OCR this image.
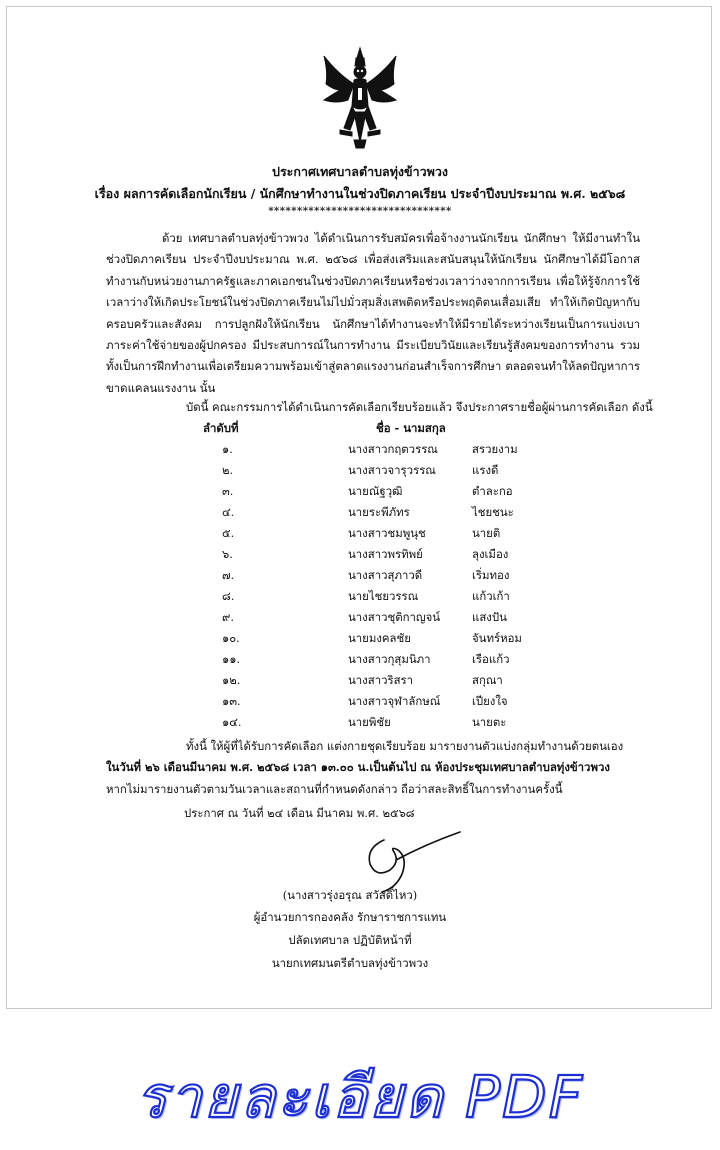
ประกาศเทศบาลตำบลทุ่งข้าวพวง
เรื่อง ผลการคัดเลือกนักเรียน / นักศึกษาทำงานในช่วงปิดภาคเรียน ประจำปีงบประมาณ พ.ศ. ๒๕๖๘
********************************
ด้วย เทศบาลตำบลทุ่งข้าวพวง ได้ดำเนินการรับสมัครเพื่อจ้างงานนักเรียน นักศึกษา ให้มีงานทำในช่วงปิดภาคเรียน ประจำปีงบประมาณ พ.ศ. ๒๕๖๘ เพื่อส่งเสริมและสนับสนุนให้นักเรียน นักศึกษาได้มีโอกาสทำงานกับหน่วยงานภาครัฐและภาคเอกชนในช่วงปิดภาคเรียนหรือช่วงเวลาว่างจากการเรียน เพื่อให้รู้จักการใช้เวลาว่างให้เกิดประโยชน์ในช่วงปิดภาคเรียนไม่ไปมั่วสุมสิ่งเสพติดหรือประพฤติตนเสื่อมเสีย ทำให้เกิดปัญหากับครอบครัวและสังคม การปลูกฝังให้นักเรียน นักศึกษาได้ทำงานจะทำให้มีรายได้ระหว่างเรียนเป็นการแบ่งเบาภาระค่าใช้จ่ายของผู้ปกครอง มีประสบการณ์ในการทำงาน มีระเบียบวินัยและเรียนรู้สังคมของการทำงาน รวมทั้งเป็นการฝึกทำงานเพื่อเตรียมความพร้อมเข้าสู่ตลาดแรงงานก่อนสำเร็จการศึกษา ตลอดจนทำให้ลดปัญหาการขาดแคลนแรงงาน นั้น
บัดนี้ คณะกรรมการได้ดำเนินการคัดเลือกเรียบร้อยแล้ว จึงประกาศรายชื่อผู้ผ่านการคัดเลือก ดังนี้
ลำดับที่	ชื่อ - นามสกุล
๑.	นางสาวกฤตวรรณ	สรวยงาม
๒.	นางสาวจารุวรรณ	แรงดี
๓.	นายณัฐวุฒิ	ตำละกอ
๔.	นายระพีภัทร	ไชยชนะ
๕.	นางสาวชมพูนุช	นายติ
๖.	นางสาวพรทิพย์	ลุงเมือง
๗.	นางสาวสุภาวดี	เริ่มทอง
๘.	นายไชยวรรณ	แก้วเก้า
๙.	นางสาวชุติกาญจน์	แสงปัน
๑๐.	นายมงคลชัย	จันทร์หอม
๑๑.	นางสาวกุสุมนิภา	เรือแก้ว
๑๒.	นางสาวริสรา	สกุณา
๑๓.	นางสาวจุฬาลักษณ์	เปียงใจ
๑๔.	นายพิชัย	นายตะ
ทั้งนี้ ให้ผู้ที่ได้รับการคัดเลือก แต่งกายชุดเรียบร้อย มารายงานตัวแบ่งกลุ่มทำงานด้วยตนเอง
ในวันที่ ๒๖ เดือนมีนาคม พ.ศ. ๒๕๖๘ เวลา ๑๓.๐๐ น.เป็นต้นไป ณ ห้องประชุมเทศบาลตำบลทุ่งข้าวพวง
หากไม่มารายงานตัวตามวันเวลาและสถานที่กำหนดดังกล่าว ถือว่าสละสิทธิ์ในการทำงานครั้งนี้
ประกาศ ณ วันที่ ๒๔ เดือน มีนาคม พ.ศ. ๒๕๖๘
(นางสาวรุ่งอรุณ สวัสดิ์ไหว)
ผู้อำนวยการกองคลัง รักษาราชการแทน
ปลัดเทศบาล ปฏิบัติหน้าที่
นายกเทศมนตรีตำบลทุ่งข้าวพวง
รายละเอียด PDF
